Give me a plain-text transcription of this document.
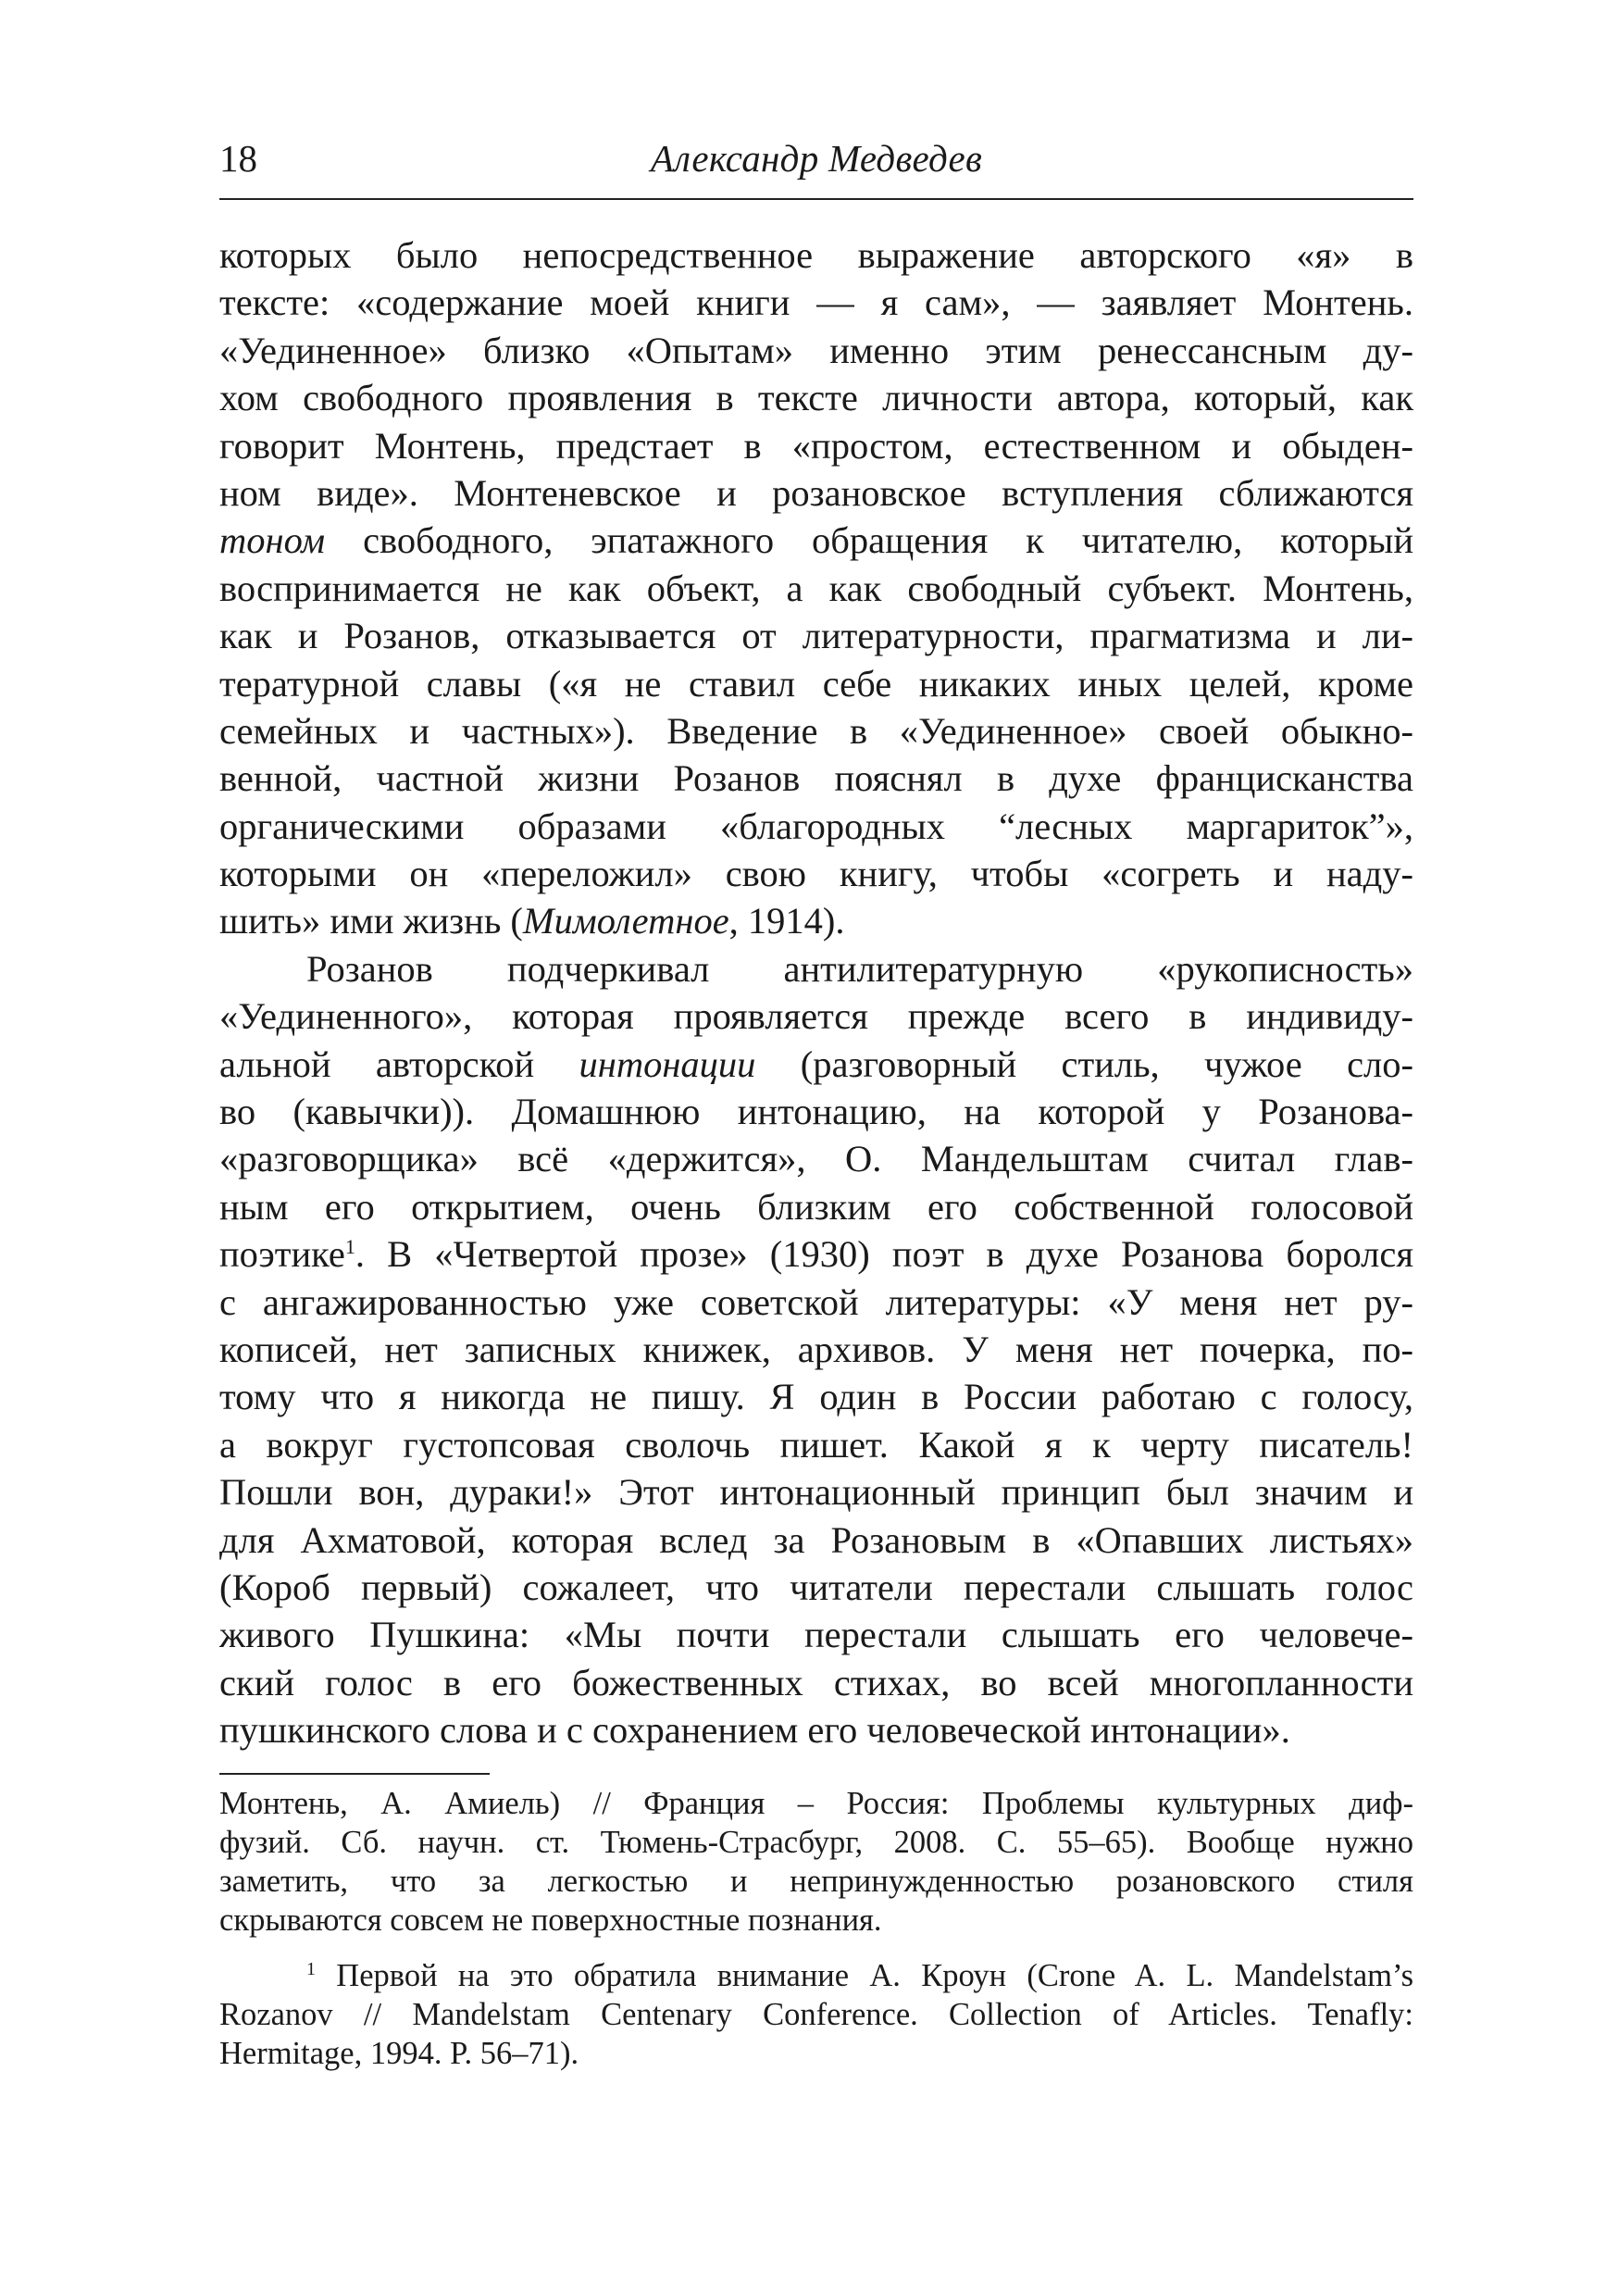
18	Александр Медведев
которых было непосредственное выражение авторского «я» в
тексте: «содержание моей книги — я сам», — заявляет Монтень.
«Уединенное» близко «Опытам» именно этим ренессансным ду-
хом свободного проявления в тексте личности автора, который, как
говорит Монтень, предстает в «простом, естественном и обыден-
ном виде». Монтеневское и розановское вступления сближаются
тоном свободного, эпатажного обращения к читателю, который
воспринимается не как объект, а как свободный субъект. Монтень,
как и Розанов, отказывается от литературности, прагматизма и ли-
тературной славы («я не ставил себе никаких иных целей, кроме
семейных и частных»). Введение в «Уединенное» своей обыкно-
венной, частной жизни Розанов пояснял в духе францисканства
органическими образами «благородных “лесных маргариток”»,
которыми он «переложил» свою книгу, чтобы «согреть и наду-
шить» ими жизнь (Мимолетное, 1914).
Розанов подчеркивал антилитературную «рукописность»
«Уединенного», которая проявляется прежде всего в индивиду-
альной авторской интонации (разговорный стиль, чужое сло-
во (кавычки)). Домашнюю интонацию, на которой у Розанова-
«разговорщика» всё «держится», О. Мандельштам считал глав-
ным его открытием, очень близким его собственной голосовой
поэтике$^1$. В «Четвертой прозе» (1930) поэт в духе Розанова боролся
с ангажированностью уже советской литературы: «У меня нет ру-
кописей, нет записных книжек, архивов. У меня нет почерка, по-
тому что я никогда не пишу. Я один в России работаю с голосу,
а вокруг густопсовая сволочь пишет. Какой я к черту писатель!
Пошли вон, дураки!» Этот интонационный принцип был значим и
для Ахматовой, которая вслед за Розановым в «Опавших листьях»
(Короб первый) сожалеет, что читатели перестали слышать голос
живого Пушкина: «Мы почти перестали слышать его человече-
ский голос в его божественных стихах, во всей многопланности
пушкинского слова и с сохранением его человеческой интонации».
Монтень, А. Амиель) // Франция – Россия: Проблемы культурных диф-
фузий. Сб. научн. ст. Тюмень-Страсбург, 2008. С. 55–65). Вообще нужно
заметить, что за легкостью и непринужденностью розановского стиля
скрываются совсем не поверхностные познания.
$^1$ Первой на это обратила внимание А. Кроун (Crone A. L. Mandelstam’s
Rozanov // Mandelstam Centenary Conference. Collection of Articles. Tenafly:
Hermitage, 1994. P. 56–71).
